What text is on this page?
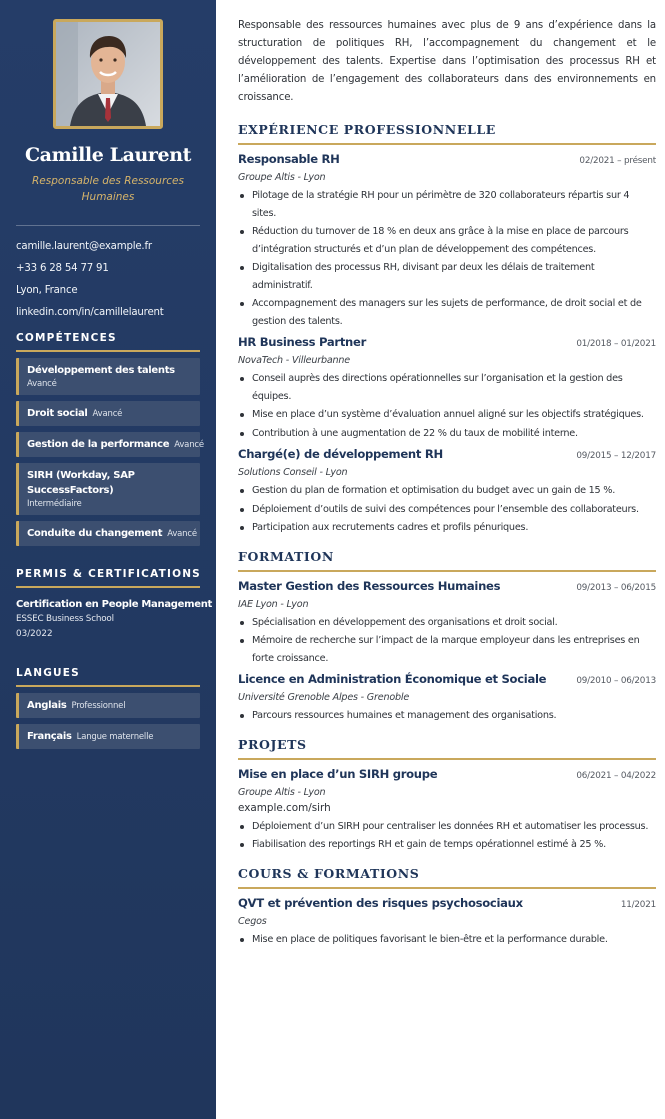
Camille Laurent
Responsable des Ressources Humaines
camille.laurent@example.fr
+33 6 28 54 77 91
Lyon, France
linkedin.com/in/camillelaurent
COMPÉTENCES
Développement des talents
Avancé
Droit social Avancé
Gestion de la performance Avancé
SIRH (Workday, SAP SuccessFactors)
Intermédiaire
Conduite du changement Avancé
PERMIS & CERTIFICATIONS
Certification en People Management
ESSEC Business School
03/2022
LANGUES
Anglais Professionnel
Français Langue maternelle

Responsable des ressources humaines avec plus de 9 ans d’expérience dans la structuration de politiques RH, l’accompagnement du changement et le développement des talents. Expertise dans l’optimisation des processus RH et l’amélioration de l’engagement des collaborateurs dans des environnements en croissance.

EXPÉRIENCE PROFESSIONNELLE
Responsable RH	02/2021 – présent
Groupe Altis - Lyon
Pilotage de la stratégie RH pour un périmètre de 320 collaborateurs répartis sur 4 sites.
Réduction du turnover de 18 % en deux ans grâce à la mise en place de parcours d’intégration structurés et d’un plan de développement des compétences.
Digitalisation des processus RH, divisant par deux les délais de traitement administratif.
Accompagnement des managers sur les sujets de performance, de droit social et de gestion des talents.
HR Business Partner	01/2018 – 01/2021
NovaTech - Villeurbanne
Conseil auprès des directions opérationnelles sur l’organisation et la gestion des équipes.
Mise en place d’un système d’évaluation annuel aligné sur les objectifs stratégiques.
Contribution à une augmentation de 22 % du taux de mobilité interne.
Chargé(e) de développement RH	09/2015 – 12/2017
Solutions Conseil - Lyon
Gestion du plan de formation et optimisation du budget avec un gain de 15 %.
Déploiement d’outils de suivi des compétences pour l’ensemble des collaborateurs.
Participation aux recrutements cadres et profils pénuriques.
FORMATION
Master Gestion des Ressources Humaines	09/2013 – 06/2015
IAE Lyon - Lyon
Spécialisation en développement des organisations et droit social.
Mémoire de recherche sur l’impact de la marque employeur dans les entreprises en forte croissance.
Licence en Administration Économique et Sociale	09/2010 – 06/2013
Université Grenoble Alpes - Grenoble
Parcours ressources humaines et management des organisations.
PROJETS
Mise en place d’un SIRH groupe	06/2021 – 04/2022
Groupe Altis - Lyon
example.com/sirh
Déploiement d’un SIRH pour centraliser les données RH et automatiser les processus.
Fiabilisation des reportings RH et gain de temps opérationnel estimé à 25 %.
COURS & FORMATIONS
QVT et prévention des risques psychosociaux	11/2021
Cegos
Mise en place de politiques favorisant le bien-être et la performance durable.
